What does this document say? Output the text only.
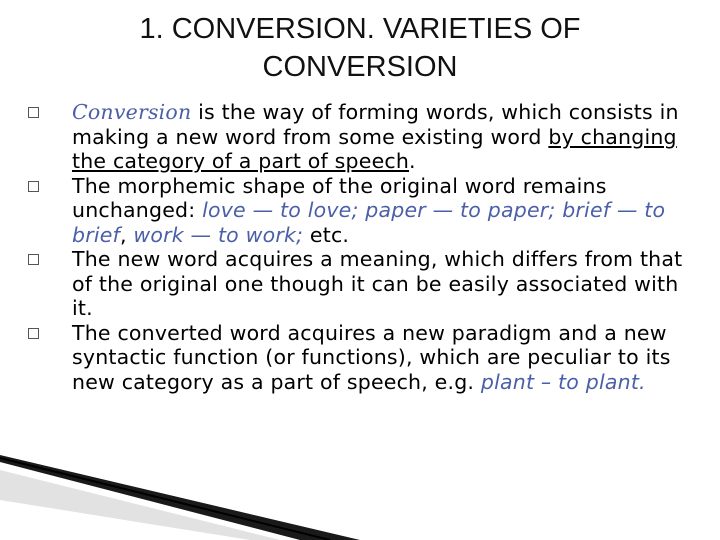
1. CONVERSION. VARIETIES OF
CONVERSION

Conversion is the way of forming words, which consists in making a new word from some existing word by changing the category of a part of speech.

The morphemic shape of the original word remains unchanged: love — to love; paper — to paper; brief — to brief, work — to work; etc.

The new word acquires a meaning, which differs from that of the original one though it can be easily associated with it.

The converted word acquires a new paradigm and a new syntactic function (or functions), which are peculiar to its new category as a part of speech, e.g. plant – to plant.
